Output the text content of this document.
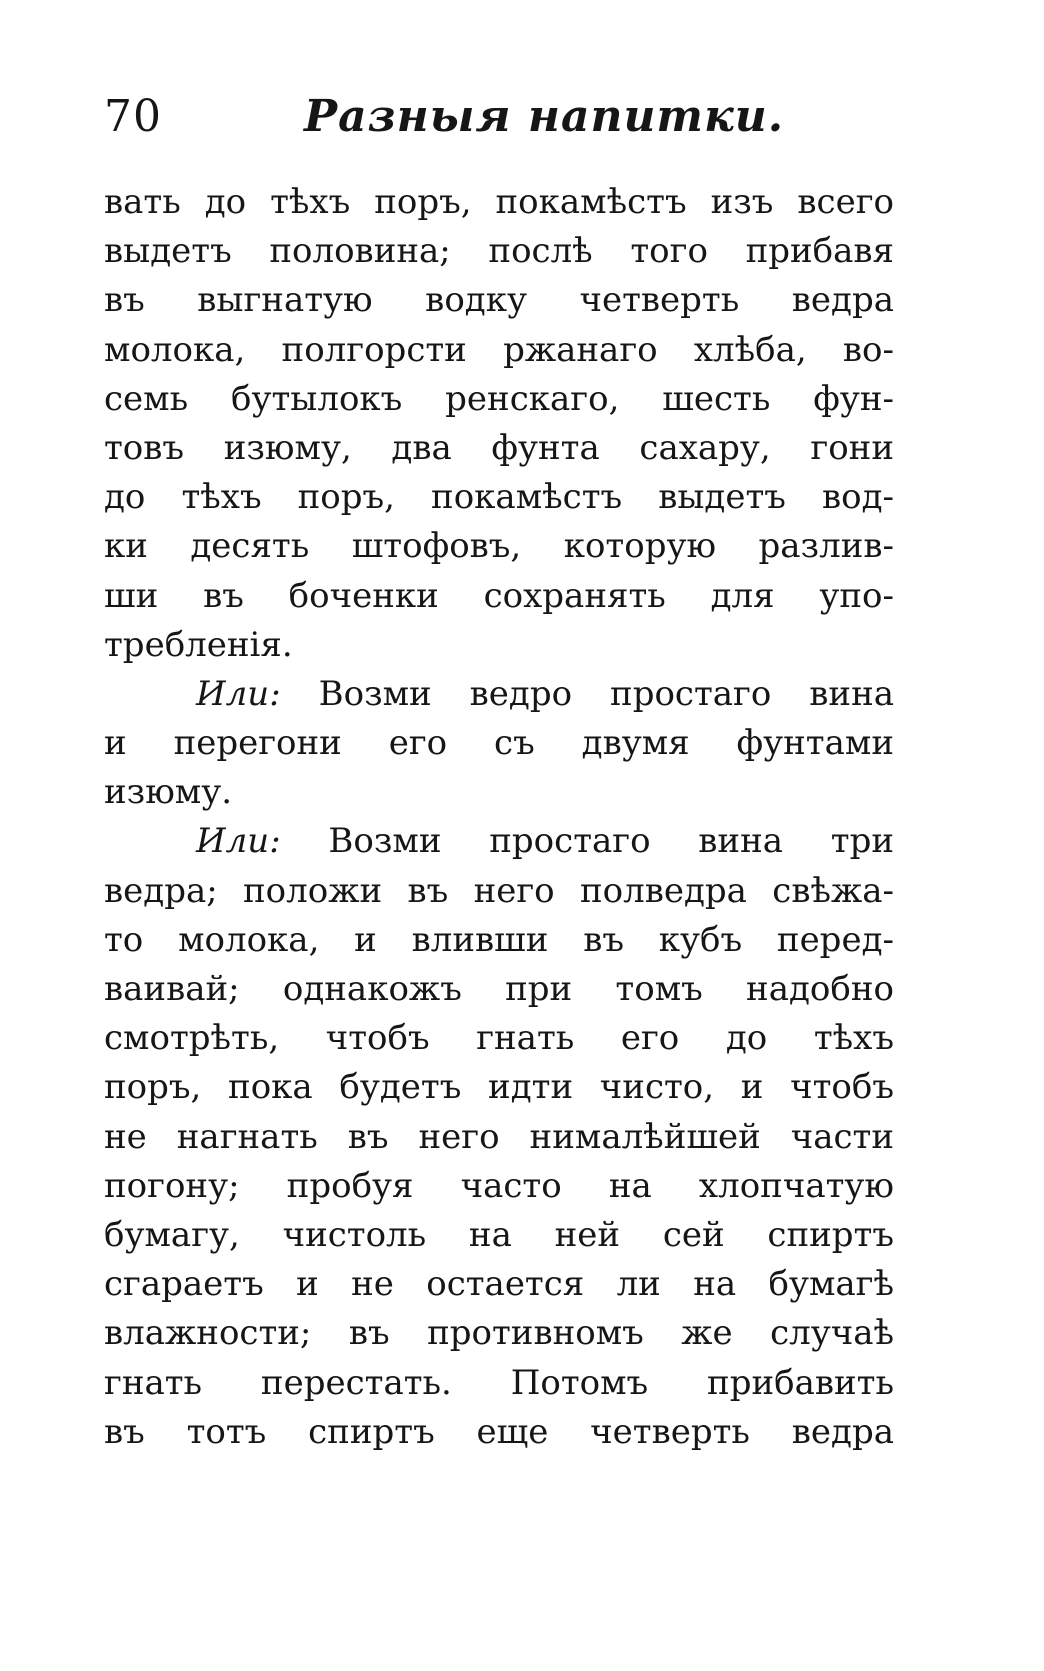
70	Разныя напитки.
вать до тѣхъ поръ, покамѣстъ изъ всего
выдетъ половина; послѣ того прибавя
въ выгнатую водку четверть ведра
молока, полгорсти ржанаго хлѣба, во-
семь бутылокъ ренскаго, шесть фун-
товъ изюму, два фунта сахару, гони
до тѣхъ поръ, покамѣстъ выдетъ вод-
ки десять штофовъ, которую разлив-
ши въ боченки сохранять для упо-
требленія.
Или: Возми ведро простаго вина
и перегони его съ двумя фунтами
изюму.
Или: Возми простаго вина три
ведра; положи въ него полведра свѣжа-
то молока, и вливши въ кубъ перед-
ваивай; однакожъ при томъ надобно
смотрѣть, чтобъ гнать его до тѣхъ
поръ, пока будетъ идти чисто, и чтобъ
не нагнать въ него нималѣйшей части
погону; пробуя часто на хлопчатую
бумагу, чистоль на ней сей спиртъ
сгараетъ и не остается ли на бумагѣ
влажности; въ противномъ же случаѣ
гнать перестать. Потомъ прибавить
въ тотъ спиртъ еще четверть ведра
